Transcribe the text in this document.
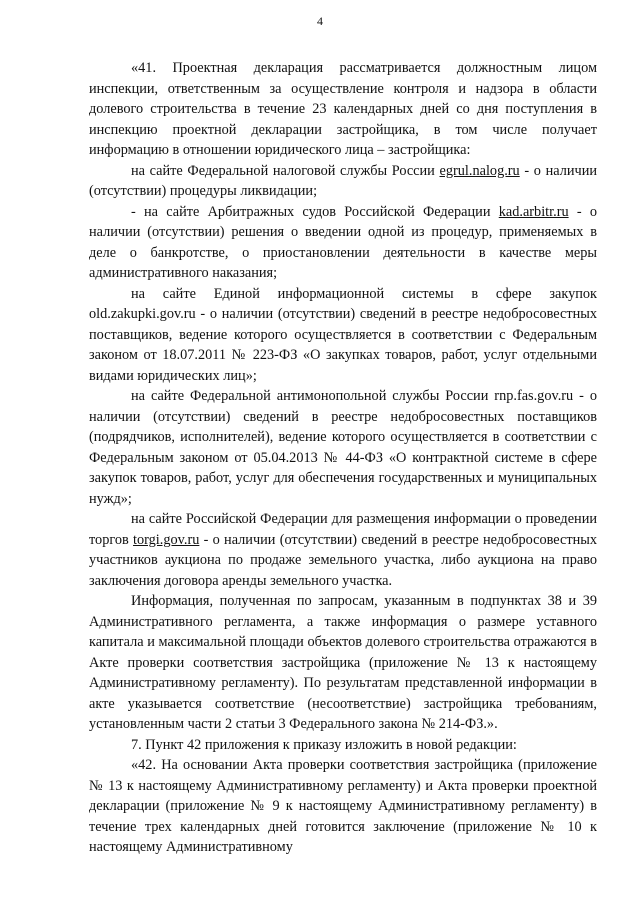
4

«41. Проектная декларация рассматривается должностным лицом инспекции, ответственным за осуществление контроля и надзора в области долевого строительства в течение 23 календарных дней со дня поступления в инспекцию проектной декларации застройщика, в том числе получает информацию в отношении юридического лица – застройщика:

на сайте Федеральной налоговой службы России egrul.nalog.ru - о наличии (отсутствии) процедуры ликвидации;

- на сайте Арбитражных судов Российской Федерации kad.arbitr.ru - о наличии (отсутствии) решения о введении одной из процедур, применяемых в деле о банкротстве, о приостановлении деятельности в качестве меры административного наказания;

на сайте Единой информационной системы в сфере закупок old.zakupki.gov.ru - о наличии (отсутствии) сведений в реестре недобросовестных поставщиков, ведение которого осуществляется в соответствии с Федеральным законом от 18.07.2011 № 223-ФЗ «О закупках товаров, работ, услуг отдельными видами юридических лиц»;

на сайте Федеральной антимонопольной службы России rnp.fas.gov.ru - о наличии (отсутствии) сведений в реестре недобросовестных поставщиков (подрядчиков, исполнителей), ведение которого осуществляется в соответствии с Федеральным законом от 05.04.2013 № 44-ФЗ «О контрактной системе в сфере закупок товаров, работ, услуг для обеспечения государственных и муниципальных нужд»;

на сайте Российской Федерации для размещения информации о проведении торгов torgi.gov.ru - о наличии (отсутствии) сведений в реестре недобросовестных участников аукциона по продаже земельного участка, либо аукциона на право заключения договора аренды земельного участка.

Информация, полученная по запросам, указанным в подпунктах 38 и 39 Административного регламента, а также информация о размере уставного капитала и максимальной площади объектов долевого строительства отражаются в Акте проверки соответствия застройщика (приложение № 13 к настоящему Административному регламенту). По результатам представленной информации в акте указывается соответствие (несоответствие) застройщика требованиям, установленным части 2 статьи 3 Федерального закона № 214-ФЗ.».

7. Пункт 42 приложения к приказу изложить в новой редакции:

«42. На основании Акта проверки соответствия застройщика (приложение № 13 к настоящему Административному регламенту) и Акта проверки проектной декларации (приложение № 9 к настоящему Административному регламенту) в течение трех календарных дней готовится заключение (приложение № 10 к настоящему Административному
